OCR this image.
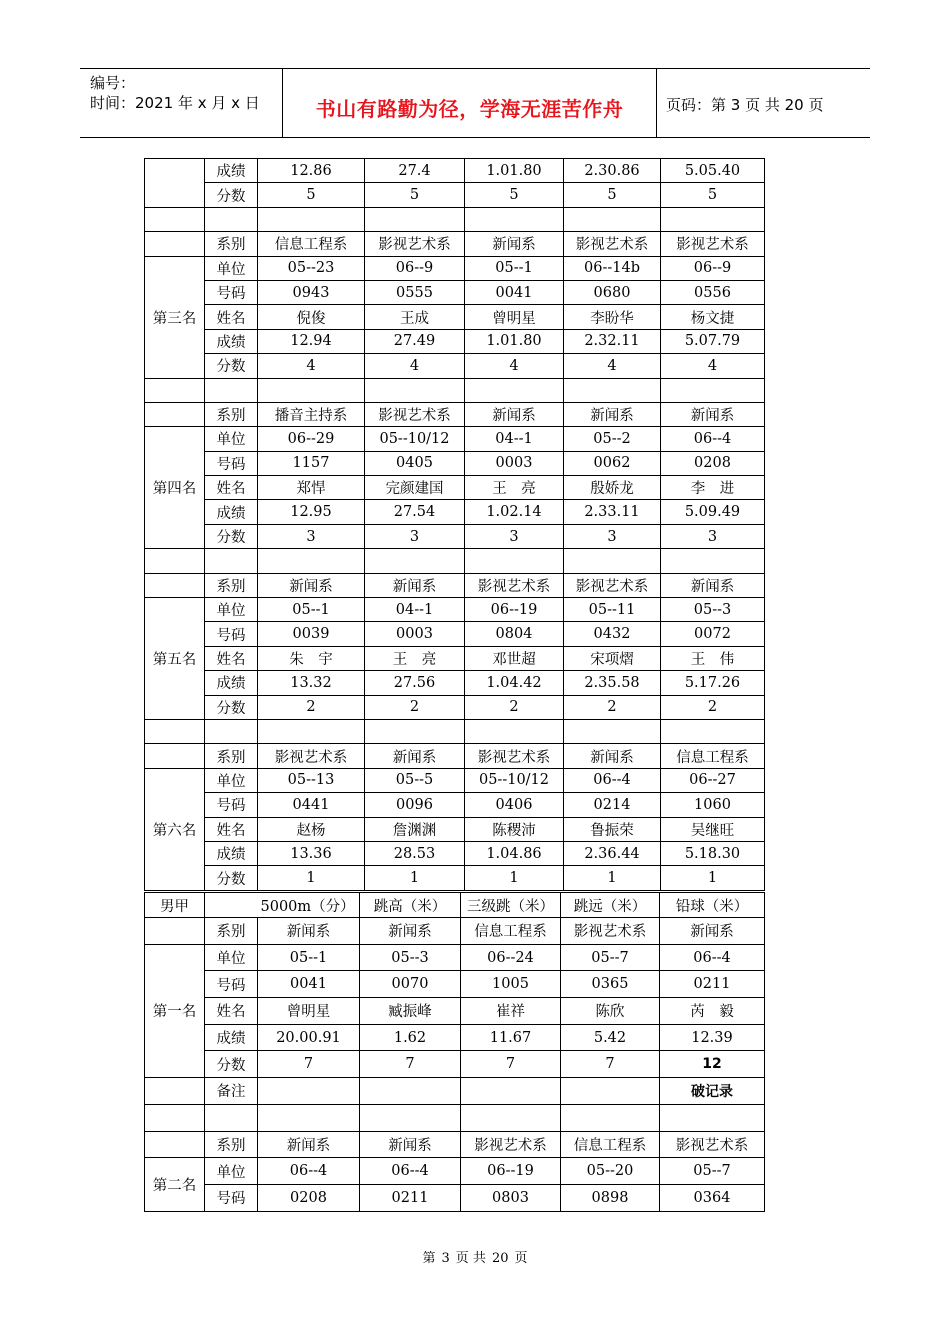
编号：
时间：2021 年 x 月 x 日	书山有路勤为径，学海无涯苦作舟	页码：第 3 页 共 20 页
	成绩	12.86	27.4	1.01.80	2.30.86	5.05.40
	分数	5	5	5	5	5

	系别	信息工程系	影视艺术系	新闻系	影视艺术系	影视艺术系
第三名	单位	05--23	06--9	05--1	06--14b	06--9
	号码	0943	0555	0041	0680	0556
	姓名	倪俊	王成	曾明星	李盼华	杨文捷
	成绩	12.94	27.49	1.01.80	2.32.11	5.07.79
	分数	4	4	4	4	4

	系别	播音主持系	影视艺术系	新闻系	新闻系	新闻系
第四名	单位	06--29	05--10/12	04--1	05--2	06--4
	号码	1157	0405	0003	0062	0208
	姓名	郑悍	完颜建国	王　亮	殷娇龙	李　进
	成绩	12.95	27.54	1.02.14	2.33.11	5.09.49
	分数	3	3	3	3	3

	系别	新闻系	新闻系	影视艺术系	影视艺术系	新闻系
第五名	单位	05--1	04--1	06--19	05--11	05--3
	号码	0039	0003	0804	0432	0072
	姓名	朱　宇	王　亮	邓世超	宋项熠	王　伟
	成绩	13.32	27.56	1.04.42	2.35.58	5.17.26
	分数	2	2	2	2	2

	系别	影视艺术系	新闻系	影视艺术系	新闻系	信息工程系
第六名	单位	05--13	05--5	05--10/12	06--4	06--27
	号码	0441	0096	0406	0214	1060
	姓名	赵杨	詹渊渊	陈稷沛	鲁振荣	吴继旺
	成绩	13.36	28.53	1.04.86	2.36.44	5.18.30
	分数	1	1	1	1	1
男甲		5000m（分）	跳高（米）	三级跳（米）	跳远（米）	铅球（米）
	系别	新闻系	新闻系	信息工程系	影视艺术系	新闻系
第一名	单位	05--1	05--3	06--24	05--7	06--4
	号码	0041	0070	1005	0365	0211
	姓名	曾明星	臧振峰	崔祥	陈欣	芮　毅
	成绩	20.00.91	1.62	11.67	5.42	12.39
	分数	7	7	7	7	12
	备注					破记录

	系别	新闻系	新闻系	影视艺术系	信息工程系	影视艺术系
第二名	单位	06--4	06--4	06--19	05--20	05--7
	号码	0208	0211	0803	0898	0364
第 3 页 共 20 页
